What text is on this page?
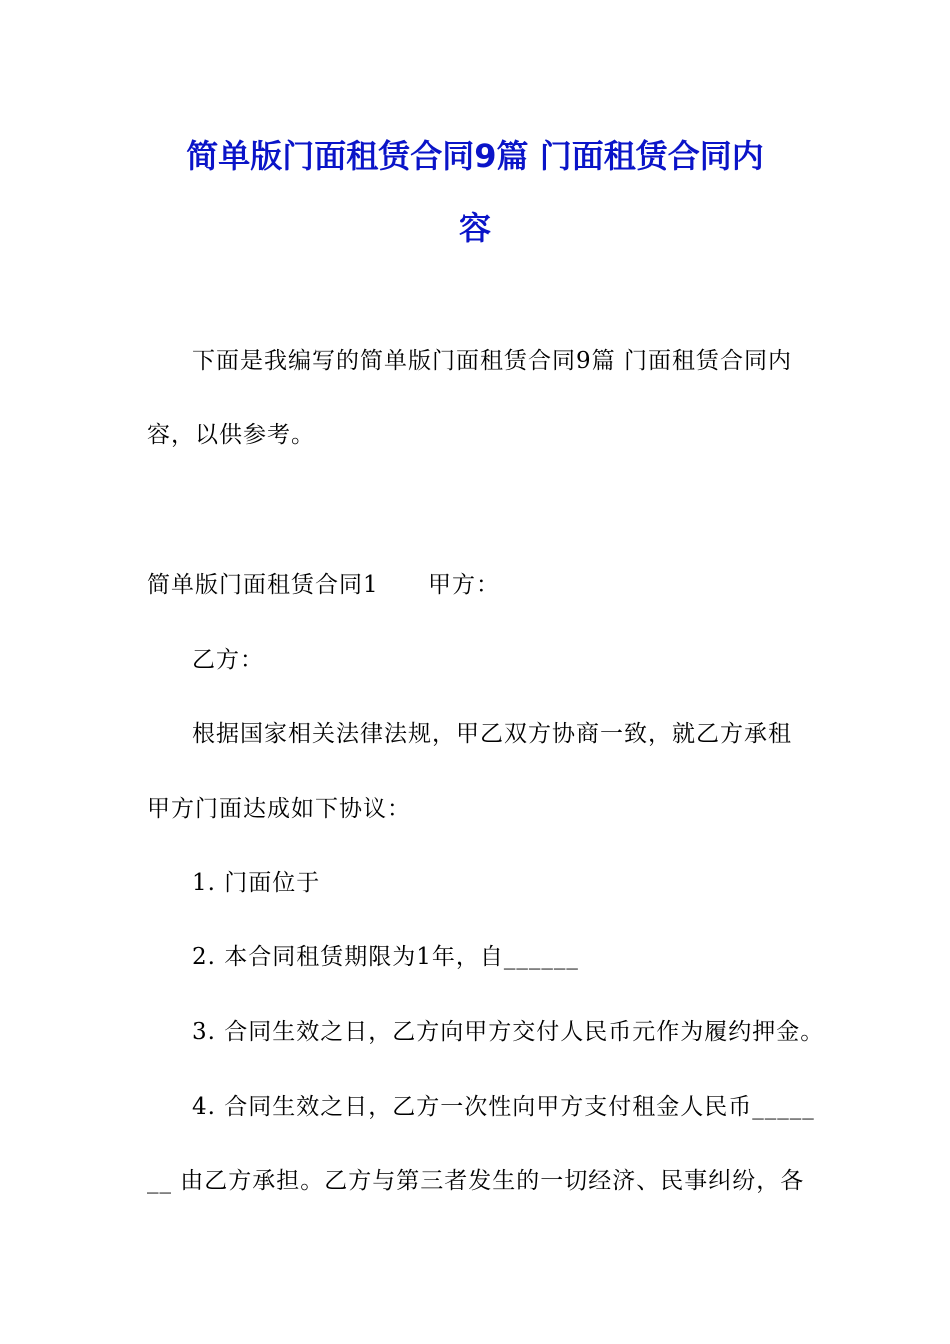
简单版门面租赁合同9篇 门面租赁合同内
容
下面是我编写的简单版门面租赁合同9篇 门面租赁合同内
容，以供参考。
简单版门面租赁合同1 甲方：
乙方：
根据国家相关法律法规，甲乙双方协商一致，就乙方承租
甲方门面达成如下协议：
1. 门面位于
2. 本合同租赁期限为1年，自______
3. 合同生效之日，乙方向甲方交付人民币元作为履约押金。
4. 合同生效之日，乙方一次性向甲方支付租金人民币_____
__ 由乙方承担。乙方与第三者发生的一切经济、民事纠纷，各
